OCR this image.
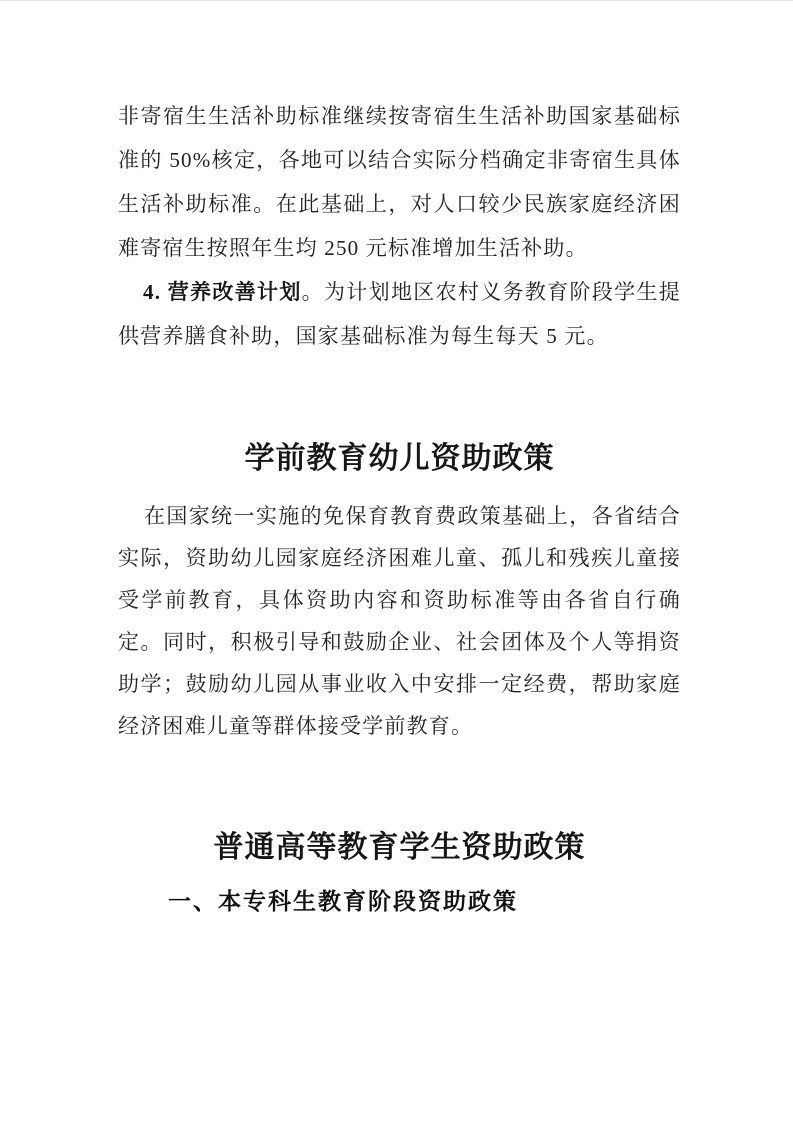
非寄宿生生活补助标准继续按寄宿生生活补助国家基础标准的 50%核定，各地可以结合实际分档确定非寄宿生具体生活补助标准。在此基础上，对人口较少民族家庭经济困难寄宿生按照年生均 250 元标准增加生活补助。

4. 营养改善计划。为计划地区农村义务教育阶段学生提供营养膳食补助，国家基础标准为每生每天 5 元。

学前教育幼儿资助政策

在国家统一实施的免保育教育费政策基础上，各省结合实际，资助幼儿园家庭经济困难儿童、孤儿和残疾儿童接受学前教育，具体资助内容和资助标准等由各省自行确定。同时，积极引导和鼓励企业、社会团体及个人等捐资助学；鼓励幼儿园从事业收入中安排一定经费，帮助家庭经济困难儿童等群体接受学前教育。

普通高等教育学生资助政策
一、本专科生教育阶段资助政策
